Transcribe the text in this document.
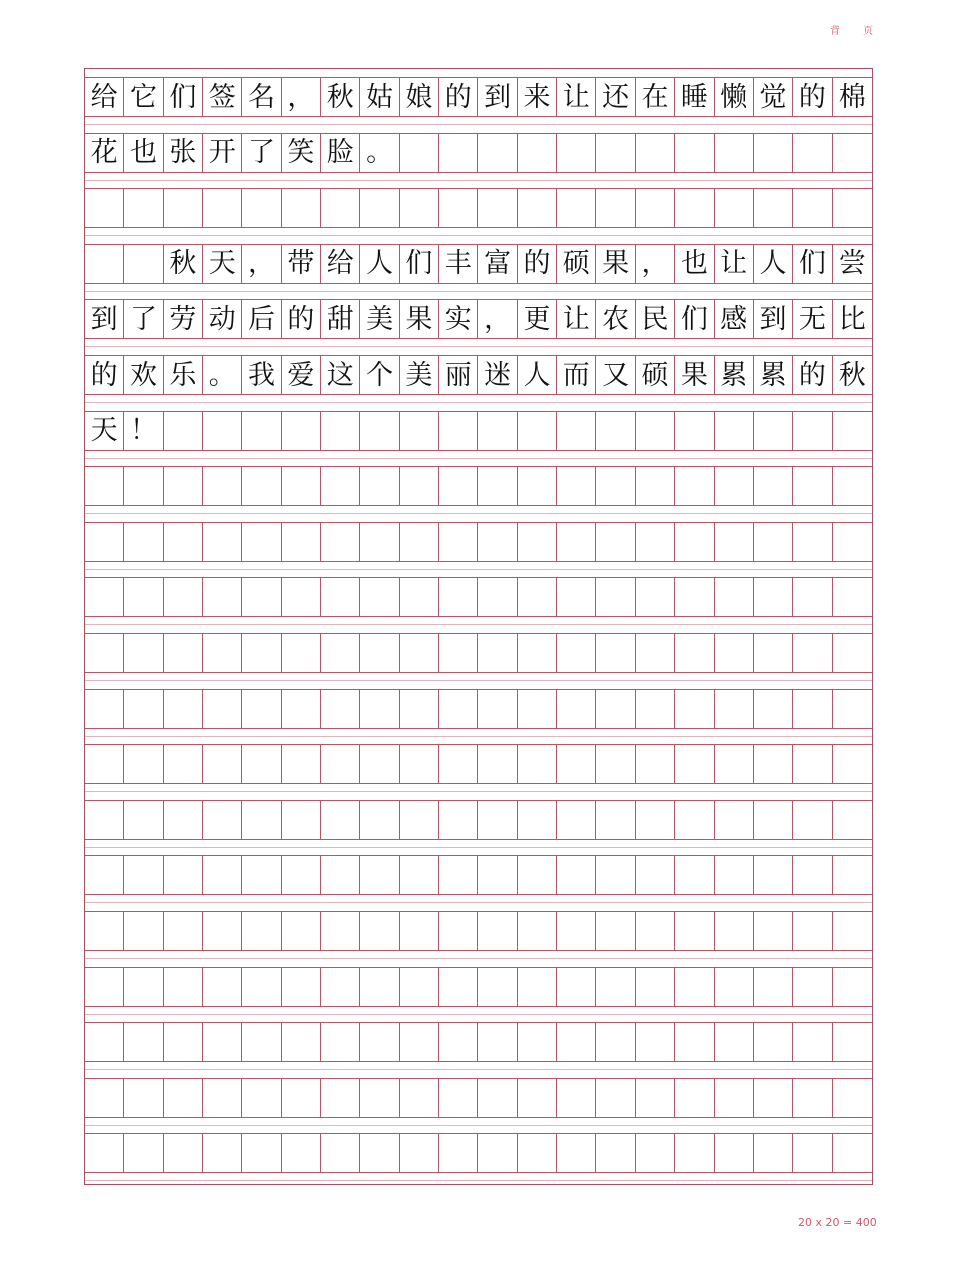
背 页
给 它 们 签 名 ， 秋 姑 娘 的 到 来 让 还 在 睡 懒 觉 的 棉
花 也 张 开 了 笑 脸 。
秋 天 ， 带 给 人 们 丰 富 的 硕 果 ， 也 让 人 们 尝
到 了 劳 动 后 的 甜 美 果 实 ， 更 让 农 民 们 感 到 无 比
的 欢 乐 。 我 爱 这 个 美 丽 迷 人 而 又 硕 果 累 累 的 秋
天 ！
20 x 20 = 400
